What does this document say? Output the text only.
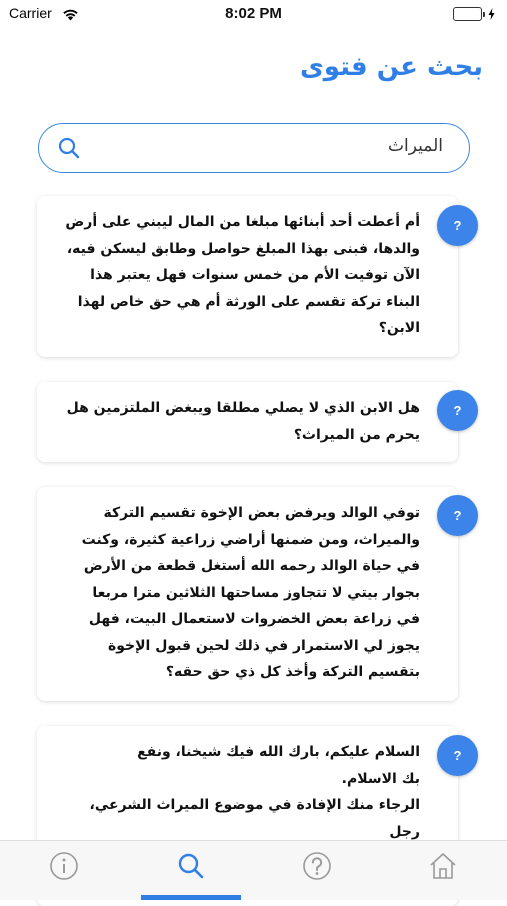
Carrier	8:02 PM
بحث عن فتوى
الميراث
أم أعطت أحد أبنائها مبلغا من المال ليبني على أرض
والدها، فبنى بهذا المبلغ حواصل وطابق ليسكن فيه،
الآن توفيت الأم من خمس سنوات فهل يعتبر هذا
البناء تركة تقسم على الورثة أم هي حق خاص لهذا
الابن؟
?
هل الابن الذي لا يصلي مطلقا ويبغض الملتزمين هل
يحرم من الميراث؟
?
توفي الوالد ويرفض بعض الإخوة تقسيم التركة
والميراث، ومن ضمنها أراضي زراعية كثيرة، وكنت
في حياة الوالد رحمه الله أستغل قطعة من الأرض
بجوار بيتي لا تتجاوز مساحتها الثلاثين مترا مربعا
في زراعة بعض الخضروات لاستعمال البيت، فهل
يجوز لي الاستمرار في ذلك لحين قبول الإخوة
بتقسيم التركة وأخذ كل ذي حق حقه؟
?
السلام عليكم، بارك الله فيك شيخنا، ونفع
بك الاسلام.
الرجاء منك الإفادة في موضوع الميراث الشرعي، رجل

?
